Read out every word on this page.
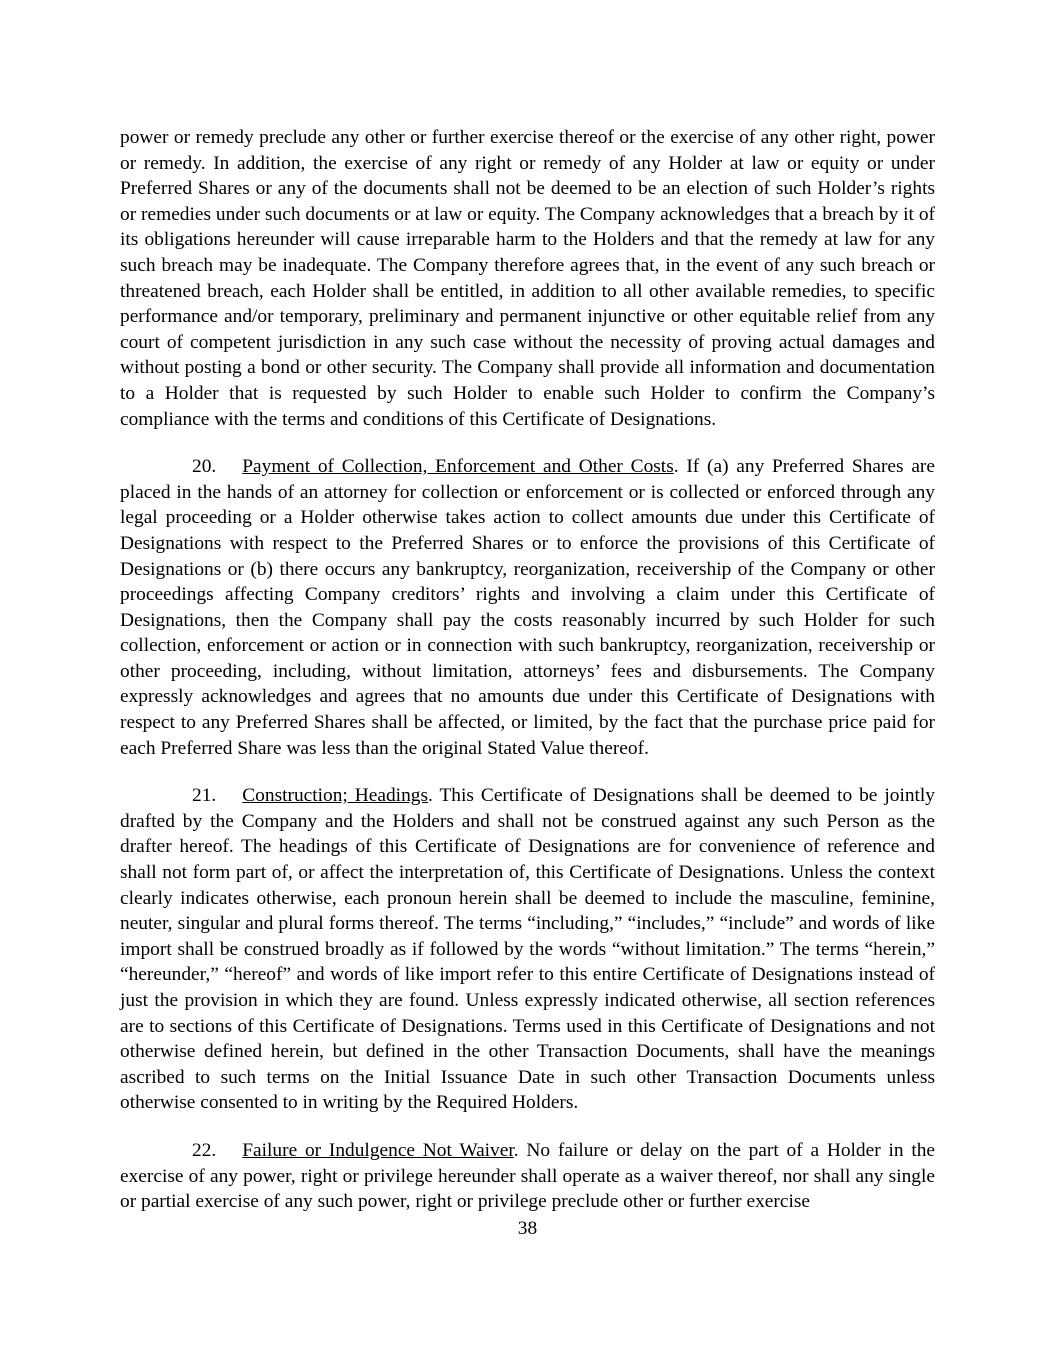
power or remedy preclude any other or further exercise thereof or the exercise of any other right, power or remedy. In addition, the exercise of any right or remedy of any Holder at law or equity or under Preferred Shares or any of the documents shall not be deemed to be an election of such Holder’s rights or remedies under such documents or at law or equity. The Company acknowledges that a breach by it of its obligations hereunder will cause irreparable harm to the Holders and that the remedy at law for any such breach may be inadequate. The Company therefore agrees that, in the event of any such breach or threatened breach, each Holder shall be entitled, in addition to all other available remedies, to specific performance and/or temporary, preliminary and permanent injunctive or other equitable relief from any court of competent jurisdiction in any such case without the necessity of proving actual damages and without posting a bond or other security. The Company shall provide all information and documentation to a Holder that is requested by such Holder to enable such Holder to confirm the Company’s compliance with the terms and conditions of this Certificate of Designations.

20. Payment of Collection, Enforcement and Other Costs. If (a) any Preferred Shares are placed in the hands of an attorney for collection or enforcement or is collected or enforced through any legal proceeding or a Holder otherwise takes action to collect amounts due under this Certificate of Designations with respect to the Preferred Shares or to enforce the provisions of this Certificate of Designations or (b) there occurs any bankruptcy, reorganization, receivership of the Company or other proceedings affecting Company creditors’ rights and involving a claim under this Certificate of Designations, then the Company shall pay the costs reasonably incurred by such Holder for such collection, enforcement or action or in connection with such bankruptcy, reorganization, receivership or other proceeding, including, without limitation, attorneys’ fees and disbursements. The Company expressly acknowledges and agrees that no amounts due under this Certificate of Designations with respect to any Preferred Shares shall be affected, or limited, by the fact that the purchase price paid for each Preferred Share was less than the original Stated Value thereof.

21. Construction; Headings. This Certificate of Designations shall be deemed to be jointly drafted by the Company and the Holders and shall not be construed against any such Person as the drafter hereof. The headings of this Certificate of Designations are for convenience of reference and shall not form part of, or affect the interpretation of, this Certificate of Designations. Unless the context clearly indicates otherwise, each pronoun herein shall be deemed to include the masculine, feminine, neuter, singular and plural forms thereof. The terms “including,” “includes,” “include” and words of like import shall be construed broadly as if followed by the words “without limitation.” The terms “herein,” “hereunder,” “hereof” and words of like import refer to this entire Certificate of Designations instead of just the provision in which they are found. Unless expressly indicated otherwise, all section references are to sections of this Certificate of Designations. Terms used in this Certificate of Designations and not otherwise defined herein, but defined in the other Transaction Documents, shall have the meanings ascribed to such terms on the Initial Issuance Date in such other Transaction Documents unless otherwise consented to in writing by the Required Holders.

22. Failure or Indulgence Not Waiver. No failure or delay on the part of a Holder in the exercise of any power, right or privilege hereunder shall operate as a waiver thereof, nor shall any single or partial exercise of any such power, right or privilege preclude other or further exercise

38
